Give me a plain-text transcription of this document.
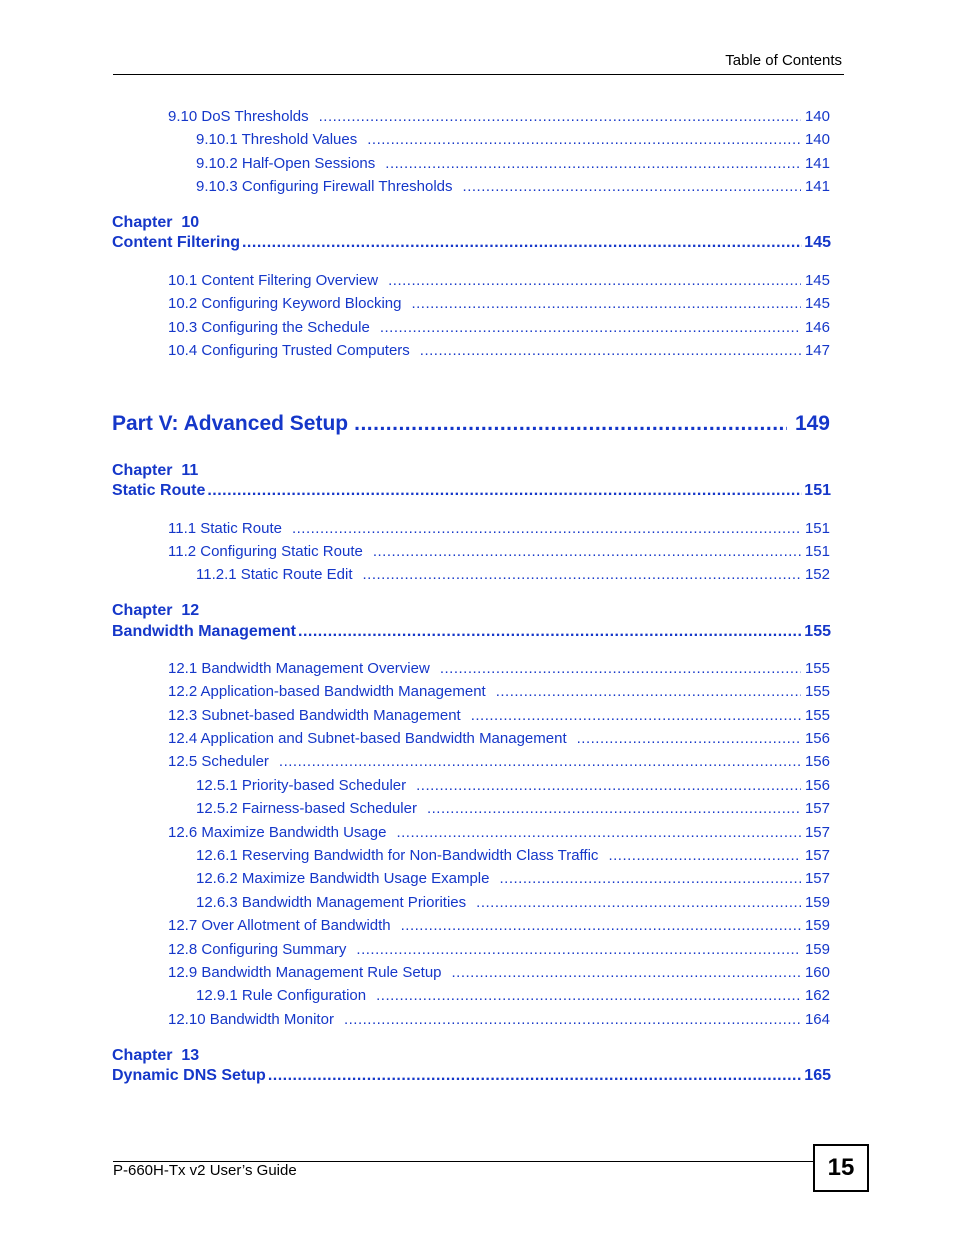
Table of Contents
9.10 DoS Thresholds .....	140
9.10.1 Threshold Values .....	140
9.10.2 Half-Open Sessions .....	141
9.10.3 Configuring Firewall Thresholds .....	141
Chapter  10
Content Filtering .....	145
10.1 Content Filtering Overview .....	145
10.2 Configuring Keyword Blocking .....	145
10.3 Configuring the Schedule .....	146
10.4 Configuring Trusted Computers .....	147
Part V: Advanced Setup .....	149
Chapter  11
Static Route .....	151
11.1 Static Route .....	151
11.2 Configuring Static Route .....	151
11.2.1 Static Route Edit .....	152
Chapter  12
Bandwidth Management .....	155
12.1 Bandwidth Management Overview .....	155
12.2 Application-based Bandwidth Management .....	155
12.3 Subnet-based Bandwidth Management .....	155
12.4 Application and Subnet-based Bandwidth Management .....	156
12.5 Scheduler .....	156
12.5.1 Priority-based Scheduler .....	156
12.5.2 Fairness-based Scheduler .....	157
12.6 Maximize Bandwidth Usage .....	157
12.6.1 Reserving Bandwidth for Non-Bandwidth Class Traffic .....	157
12.6.2 Maximize Bandwidth Usage Example .....	157
12.6.3 Bandwidth Management Priorities .....	159
12.7 Over Allotment of Bandwidth .....	159
12.8 Configuring Summary .....	159
12.9 Bandwidth Management Rule Setup .....	160
12.9.1 Rule Configuration .....	162
12.10 Bandwidth Monitor .....	164
Chapter  13
Dynamic DNS Setup .....	165
P-660H-Tx v2 User’s Guide	15
